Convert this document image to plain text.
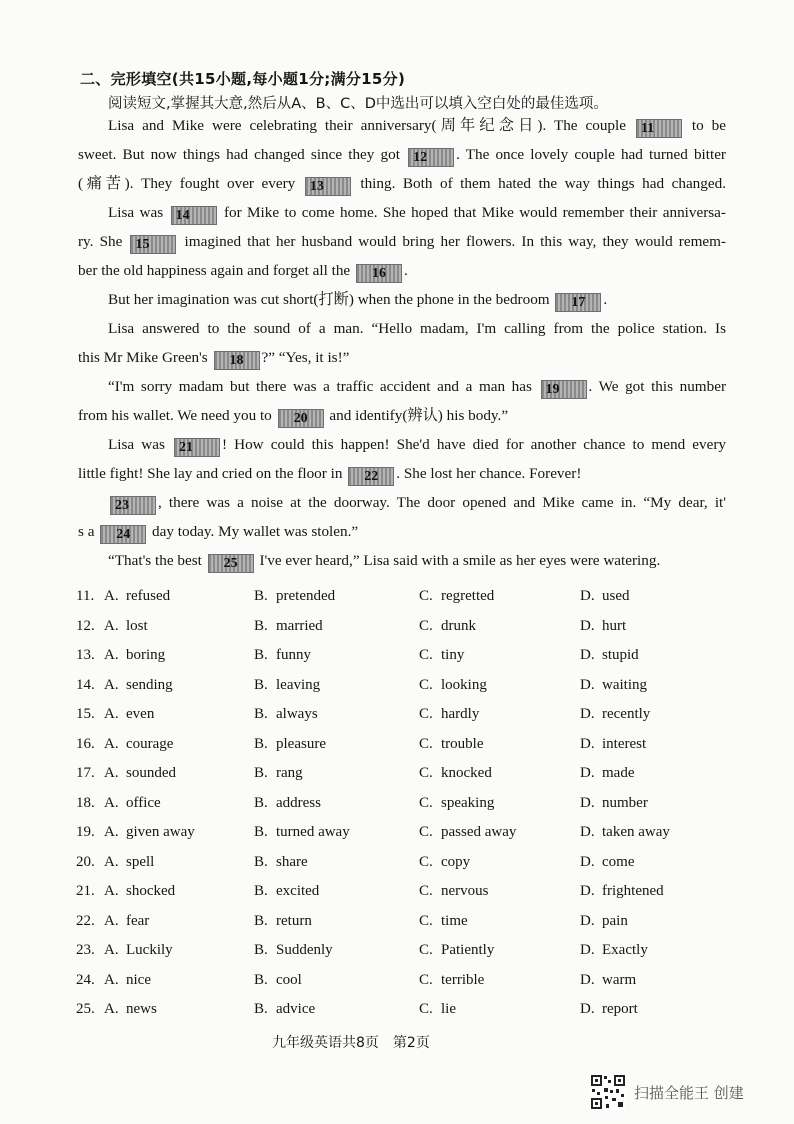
二、完形填空(共15小题,每小题1分;满分15分)
阅读短文,掌握其大意,然后从A、B、C、D中选出可以填入空白处的最佳选项。
Lisa and Mike were celebrating their anniversary(周年纪念日). The couple 11 to be
sweet. But now things had changed since they got 12 . The once lovely couple had turned bitter
(痛苦). They fought over every 13 thing. Both of them hated the way things had changed.
Lisa was 14 for Mike to come home. She hoped that Mike would remember their anniversa-
ry. She 15 imagined that her husband would bring her flowers. In this way, they would remem-
ber the old happiness again and forget all the 16 .
But her imagination was cut short(打断) when the phone in the bedroom 17 .
Lisa answered to the sound of a man. “Hello madam, I'm calling from the police station. Is
this Mr Mike Green's 18 ?” “Yes, it is!”
“I'm sorry madam but there was a traffic accident and a man has 19 . We got this number
from his wallet. We need you to 20 and identify(辨认) his body.”
Lisa was 21 ! How could this happen! She'd have died for another chance to mend every
little fight! She lay and cried on the floor in 22 . She lost her chance. Forever!
23 , there was a noise at the doorway. The door opened and Mike came in. “My dear, it'
s a 24 day today. My wallet was stolen.”
“That's the best 25 I've ever heard,” Lisa said with a smile as her eyes were watering.
11. A. refused	B. pretended	C. regretted	D. used
12. A. lost	B. married	C. drunk	D. hurt
13. A. boring	B. funny	C. tiny	D. stupid
14. A. sending	B. leaving	C. looking	D. waiting
15. A. even	B. always	C. hardly	D. recently
16. A. courage	B. pleasure	C. trouble	D. interest
17. A. sounded	B. rang	C. knocked	D. made
18. A. office	B. address	C. speaking	D. number
19. A. given away	B. turned away	C. passed away	D. taken away
20. A. spell	B. share	C. copy	D. come
21. A. shocked	B. excited	C. nervous	D. frightened
22. A. fear	B. return	C. time	D. pain
23. A. Luckily	B. Suddenly	C. Patiently	D. Exactly
24. A. nice	B. cool	C. terrible	D. warm
25. A. news	B. advice	C. lie	D. report
九年级英语共8页　第2页
扫描全能王 创建
